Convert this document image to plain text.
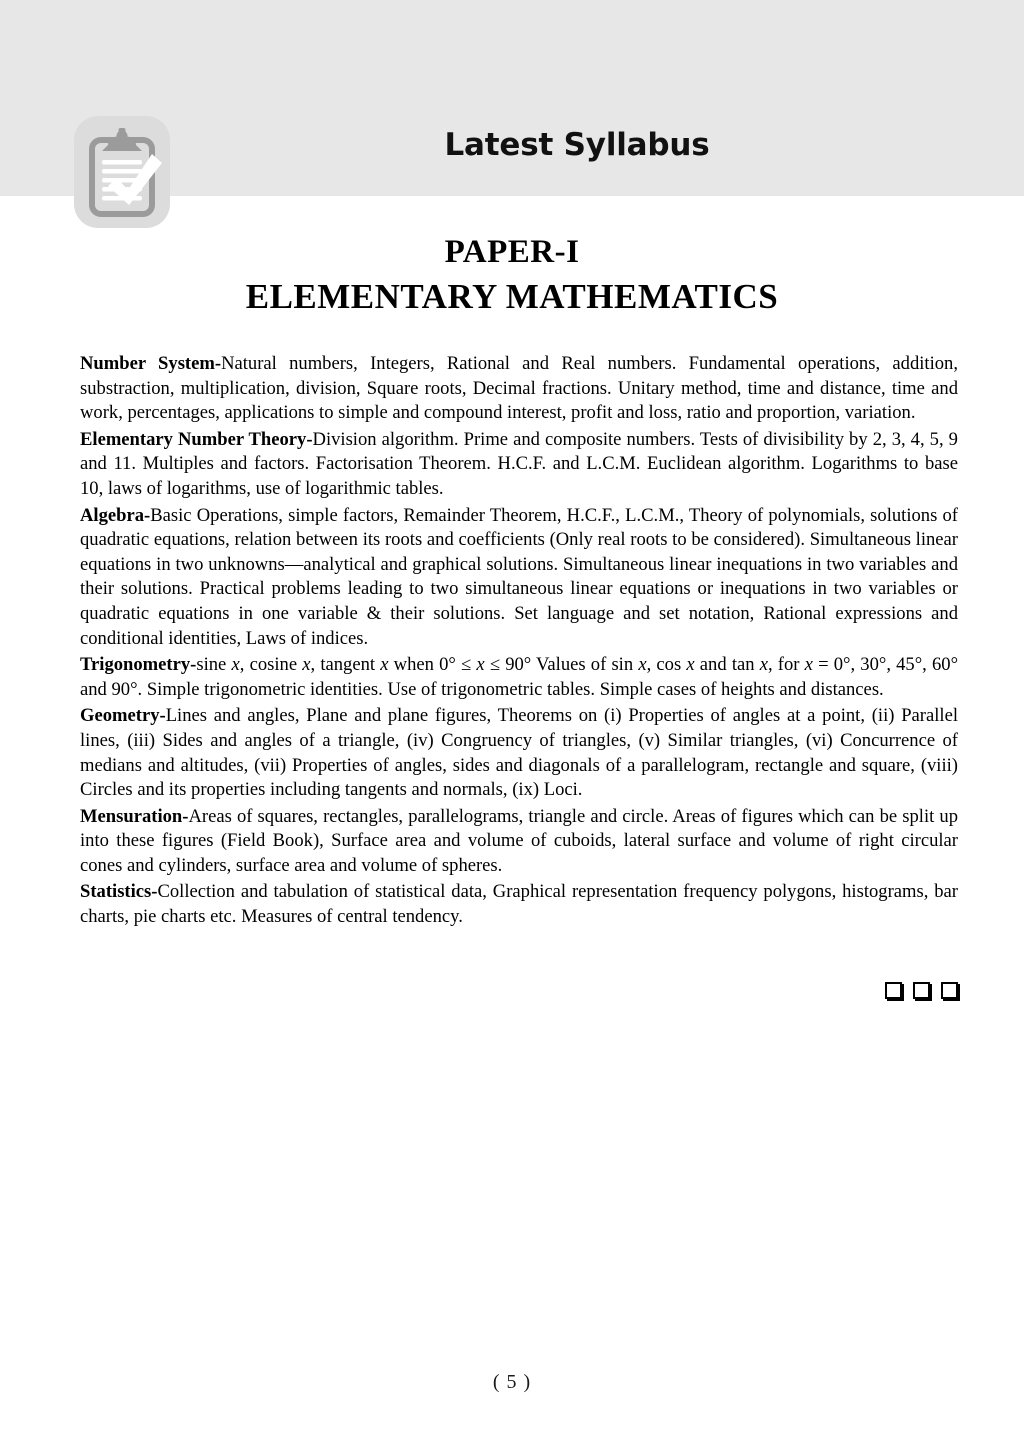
Latest Syllabus
PAPER-I
ELEMENTARY MATHEMATICS

Number System-Natural numbers, Integers, Rational and Real numbers. Fundamental operations, addition, substraction, multiplication, division, Square roots, Decimal fractions. Unitary method, time and distance, time and work, percentages, applications to simple and compound interest, profit and loss, ratio and proportion, variation.

Elementary Number Theory-Division algorithm. Prime and composite numbers. Tests of divisibility by 2, 3, 4, 5, 9 and 11. Multiples and factors. Factorisation Theorem. H.C.F. and L.C.M. Euclidean algorithm. Logarithms to base 10, laws of logarithms, use of logarithmic tables.

Algebra-Basic Operations, simple factors, Remainder Theorem, H.C.F., L.C.M., Theory of polynomials, solutions of quadratic equations, relation between its roots and coefficients (Only real roots to be considered). Simultaneous linear equations in two unknowns—analytical and graphical solutions. Simultaneous linear inequations in two variables and their solutions. Practical problems leading to two simultaneous linear equations or inequations in two variables or quadratic equations in one variable & their solutions. Set language and set notation, Rational expressions and conditional identities, Laws of indices.

Trigonometry-sine x, cosine x, tangent x when 0° ≤ x ≤ 90° Values of sin x, cos x and tan x, for x = 0°, 30°, 45°, 60° and 90°. Simple trigonometric identities. Use of trigonometric tables. Simple cases of heights and distances.

Geometry-Lines and angles, Plane and plane figures, Theorems on (i) Properties of angles at a point, (ii) Parallel lines, (iii) Sides and angles of a triangle, (iv) Congruency of triangles, (v) Similar triangles, (vi) Concurrence of medians and altitudes, (vii) Properties of angles, sides and diagonals of a parallelogram, rectangle and square, (viii) Circles and its properties including tangents and normals, (ix) Loci.

Mensuration-Areas of squares, rectangles, parallelograms, triangle and circle. Areas of figures which can be split up into these figures (Field Book), Surface area and volume of cuboids, lateral surface and volume of right circular cones and cylinders, surface area and volume of spheres.

Statistics-Collection and tabulation of statistical data, Graphical representation frequency polygons, histograms, bar charts, pie charts etc. Measures of central tendency.

( 5 )
